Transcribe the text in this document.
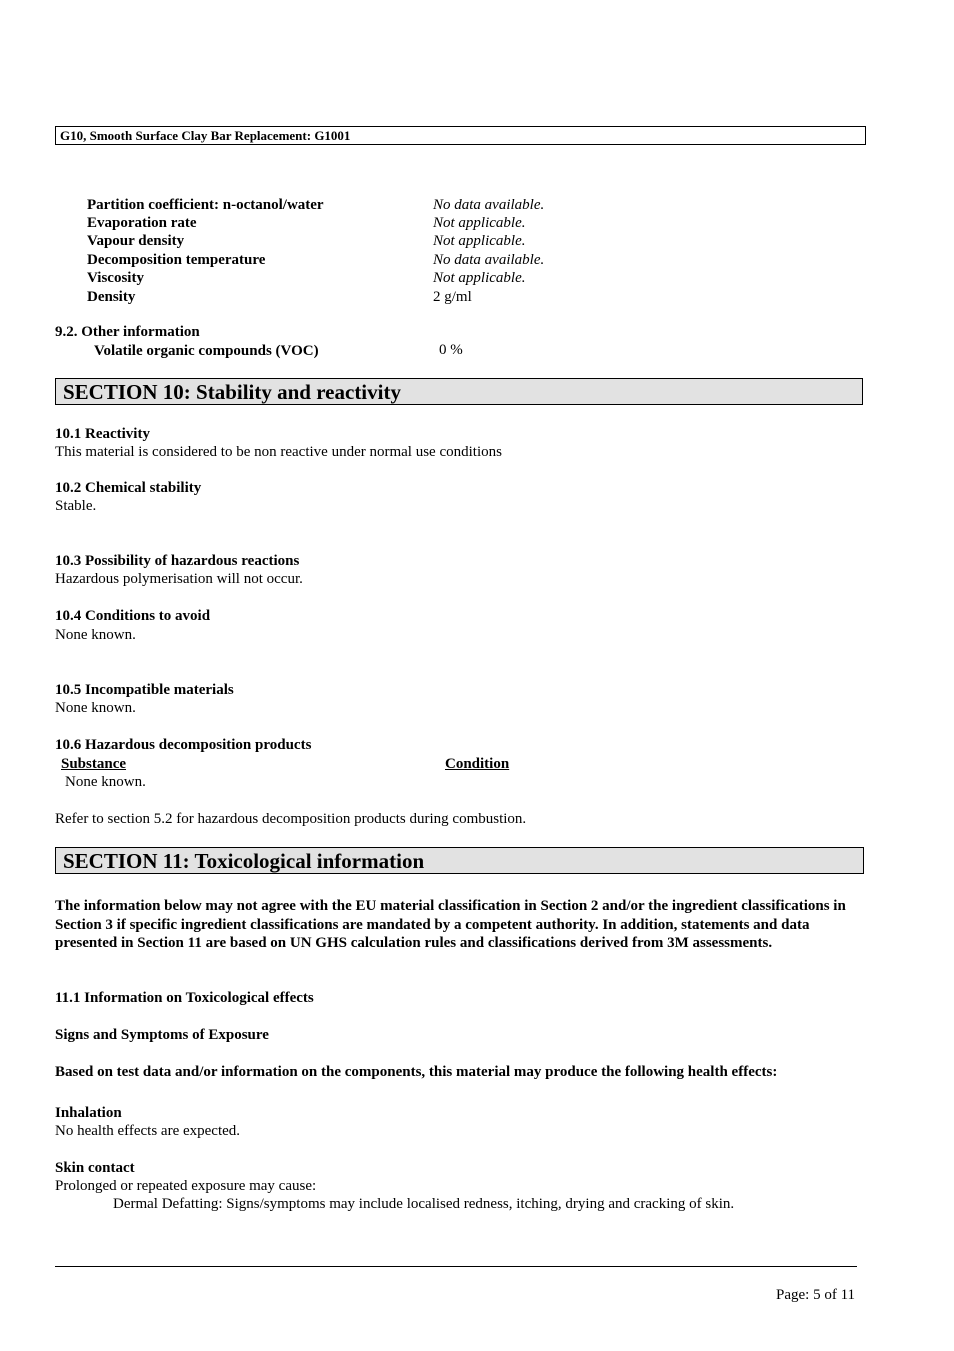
G10, Smooth Surface Clay Bar Replacement: G1001
Partition coefficient: n-octanol/water	No data available.
Evaporation rate	Not applicable.
Vapour density	Not applicable.
Decomposition temperature	No data available.
Viscosity	Not applicable.
Density	2 g/ml
9.2. Other information
Volatile organic compounds (VOC)	0 %
SECTION 10: Stability and reactivity
10.1 Reactivity
This material is considered to be non reactive under normal use conditions
10.2 Chemical stability
Stable.
10.3 Possibility of hazardous reactions
Hazardous polymerisation will not occur.
10.4 Conditions to avoid
None known.
10.5 Incompatible materials
None known.
10.6 Hazardous decomposition products
Substance	Condition
None known.
Refer to section 5.2 for hazardous decomposition products during combustion.
SECTION 11: Toxicological information
The information below may not agree with the EU material classification in Section 2 and/or the ingredient classifications in Section 3 if specific ingredient classifications are mandated by a competent authority. In addition, statements and data presented in Section 11 are based on UN GHS calculation rules and classifications derived from 3M assessments.
11.1 Information on Toxicological effects
Signs and Symptoms of Exposure
Based on test data and/or information on the components, this material may produce the following health effects:
Inhalation
No health effects are expected.
Skin contact
Prolonged or repeated exposure may cause:
Dermal Defatting: Signs/symptoms may include localised redness, itching, drying and cracking of skin.
Page: 5 of 11
